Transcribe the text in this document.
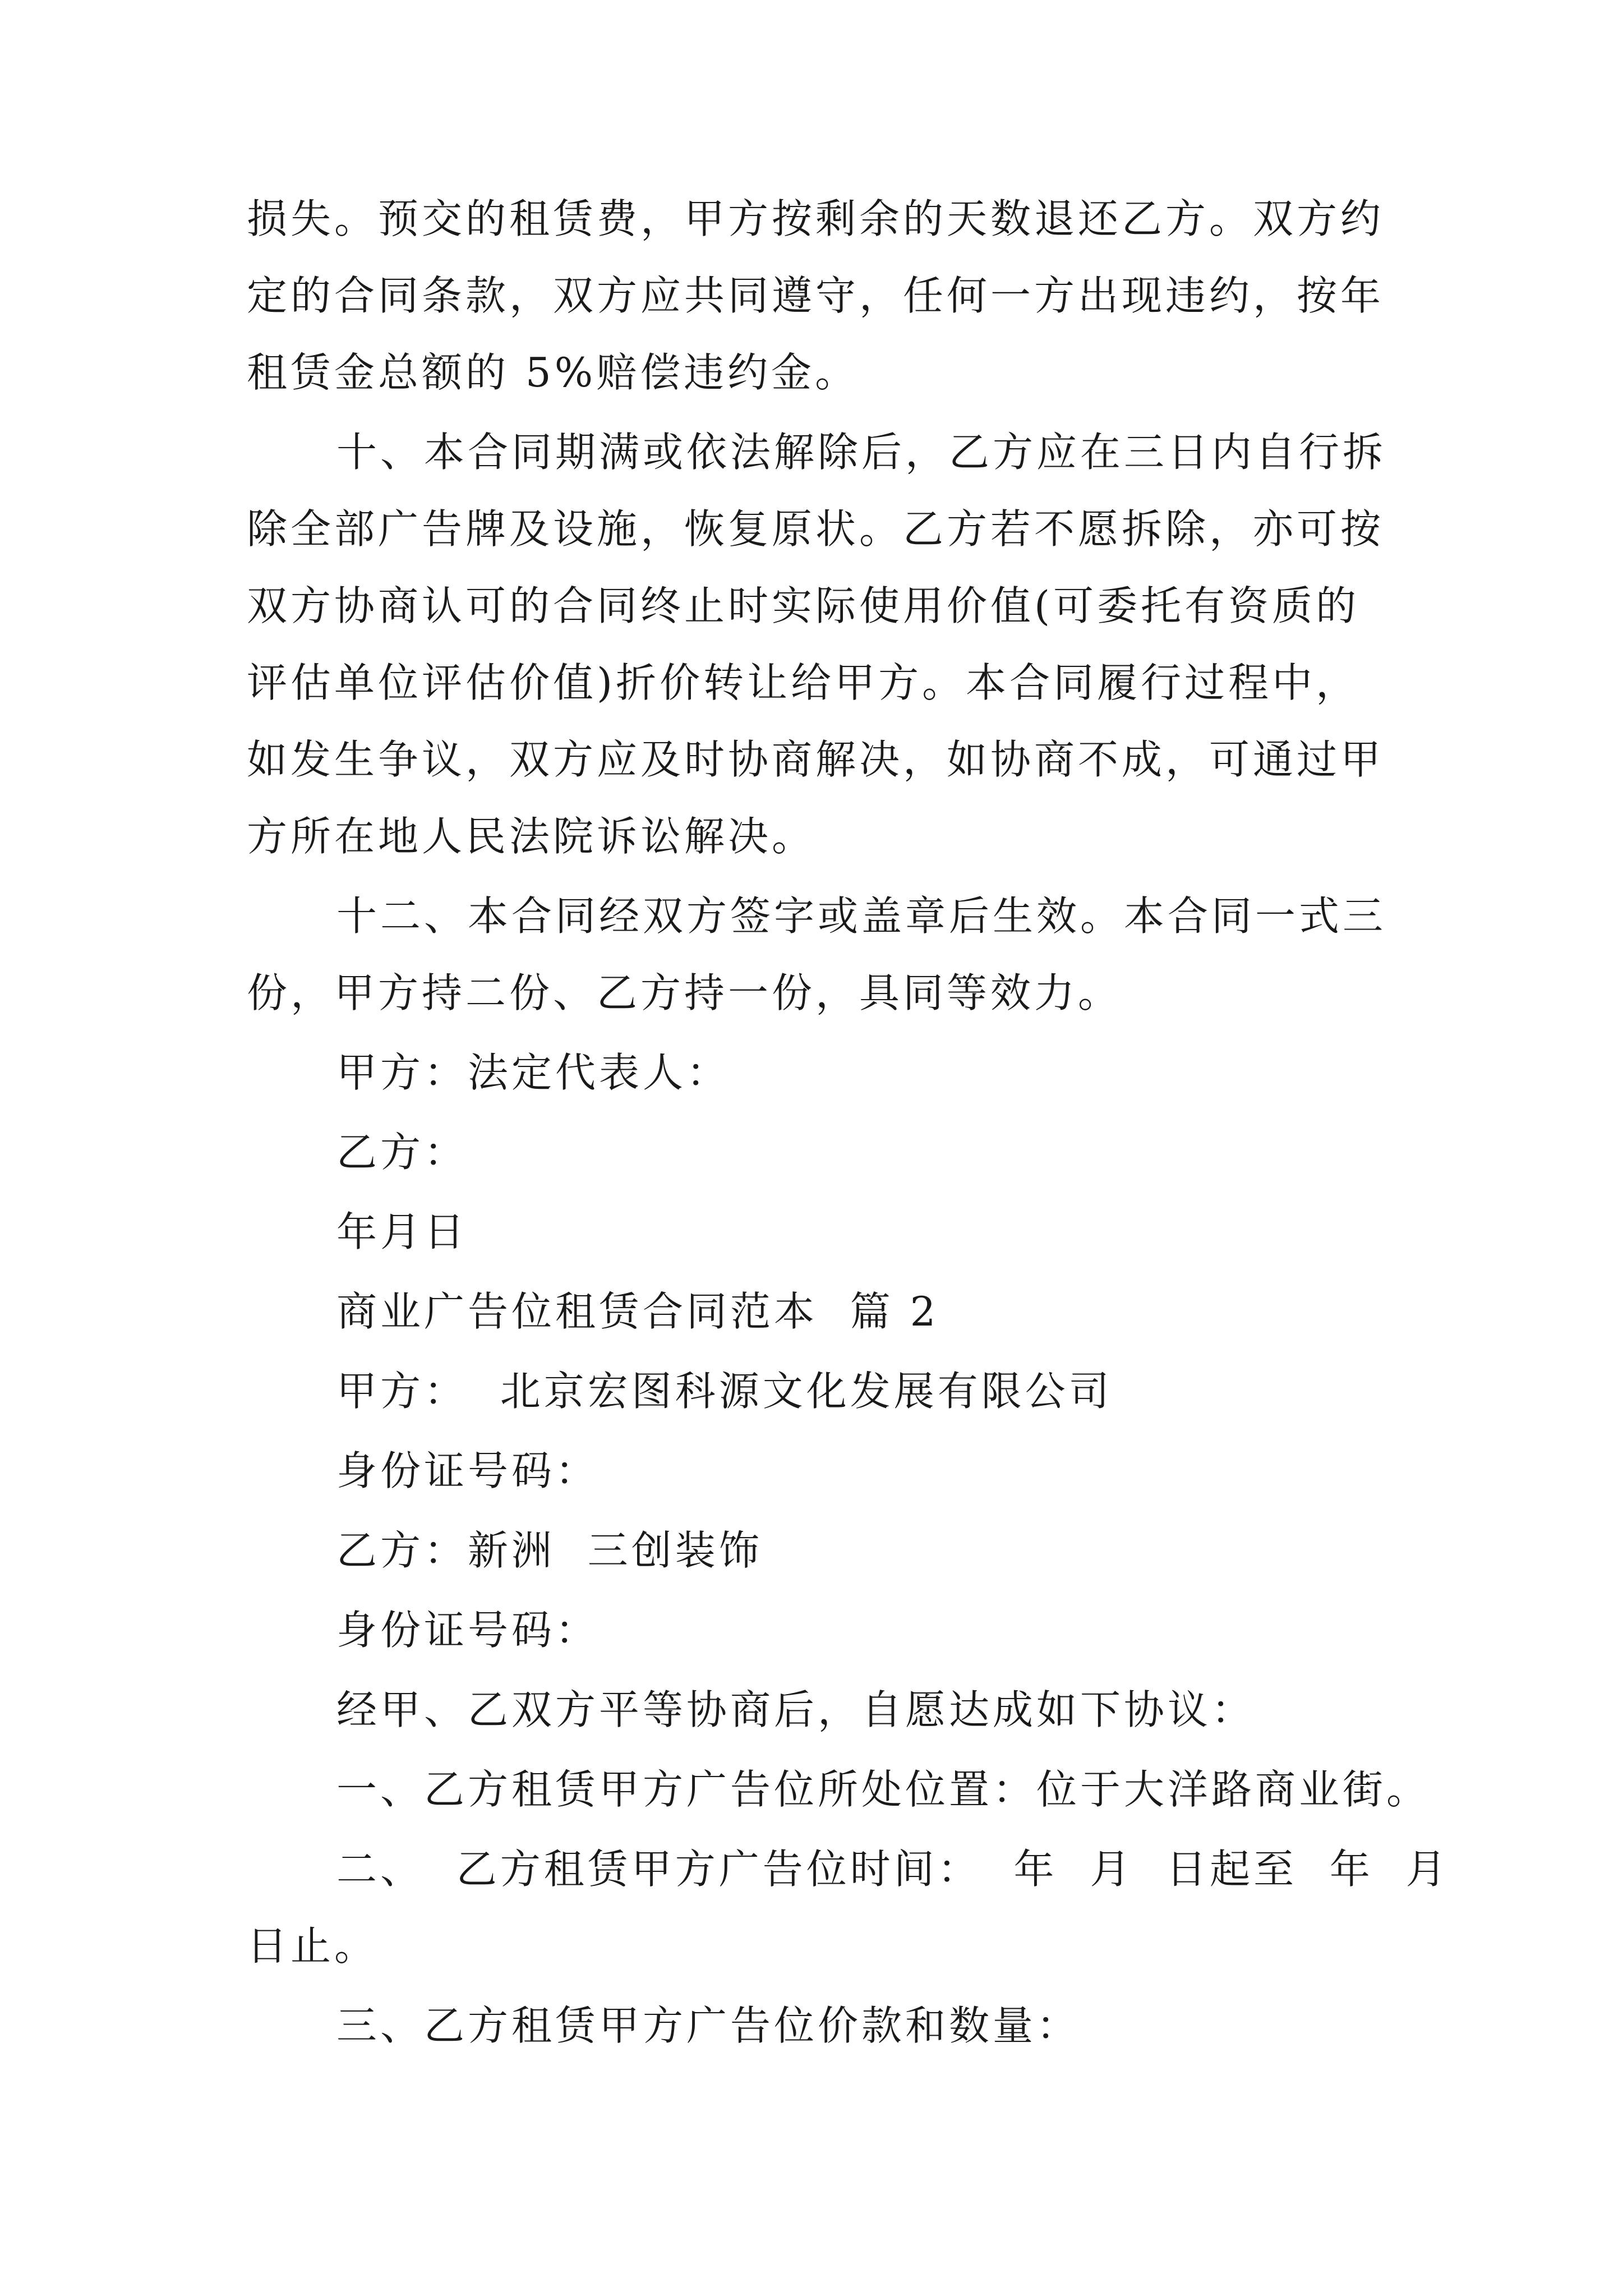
损失。预交的租赁费，甲方按剩余的天数退还乙方。双方约
定的合同条款，双方应共同遵守，任何一方出现违约，按年
租赁金总额的 5%赔偿违约金。
十、本合同期满或依法解除后，乙方应在三日内自行拆
除全部广告牌及设施，恢复原状。乙方若不愿拆除，亦可按
双方协商认可的合同终止时实际使用价值(可委托有资质的
评估单位评估价值)折价转让给甲方。本合同履行过程中，
如发生争议，双方应及时协商解决，如协商不成，可通过甲
方所在地人民法院诉讼解决。
十二、本合同经双方签字或盖章后生效。本合同一式三
份，甲方持二份、乙方持一份，具同等效力。
甲方：法定代表人：
乙方：
年月日
商业广告位租赁合同范本  篇 2
甲方：  北京宏图科源文化发展有限公司
身份证号码：
乙方：新洲  三创装饰
身份证号码：
经甲、乙双方平等协商后，自愿达成如下协议：
一、乙方租赁甲方广告位所处位置：位于大洋路商业街。
二、  乙方租赁甲方广告位时间：  年  月  日起至  年  月
日止。
三、乙方租赁甲方广告位价款和数量：
